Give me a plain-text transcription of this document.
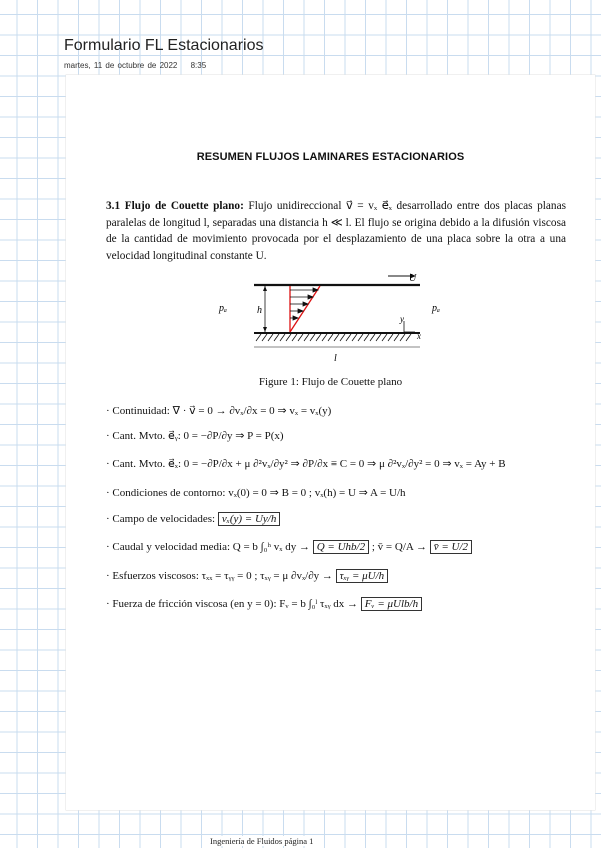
Formulario FL Estacionarios
martes, 11 de octubre de 2022 8:35
RESUMEN FLUJOS LAMINARES ESTACIONARIOS
3.1 Flujo de Couette plano: Flujo unidireccional v⃗ = vₓ e⃗ₓ desarrollado entre dos placas planas paralelas de longitud l, separadas una distancia h ≪ l. El flujo se origina debido a la difusión viscosa de la cantidad de movimiento provocada por el desplazamiento de una placa sobre la otra a una velocidad longitudinal constante U.
U
pₐ	pₐ
h
y
x
l
Figure 1: Flujo de Couette plano
· Continuidad: ∇ · v⃗ = 0 → ∂vₓ/∂x = 0 ⇒ vₓ = vₓ(y)
· Cant. Mvto. e⃗ᵧ: 0 = −∂P/∂y ⇒ P = P(x)
· Cant. Mvto. e⃗ₓ: 0 = −∂P/∂x + μ ∂²vₓ/∂y² ⇒ ∂P/∂x ≡ C = 0 ⇒ μ ∂²vₓ/∂y² = 0 ⇒ vₓ = Ay + B
· Condiciones de contorno: vₓ(0) = 0 ⇒ B = 0 ; vₓ(h) = U ⇒ A = U/h
· Campo de velocidades: vₓ(y) = Uy/h
· Caudal y velocidad media: Q = b ∫₀ʰ vₓ dy → Q = Uhb/2 ; v̄ = Q/A → v̄ = U/2
· Esfuerzos viscosos: τₓₓ = τᵧᵧ = 0 ; τₓᵧ = μ ∂vₓ/∂y → τₓᵧ = μU/h
· Fuerza de fricción viscosa (en y = 0): Fᵥ = b ∫₀ˡ τₓᵧ dx → Fᵥ = μUlb/h
Ingeniería de Fluidos página 1
